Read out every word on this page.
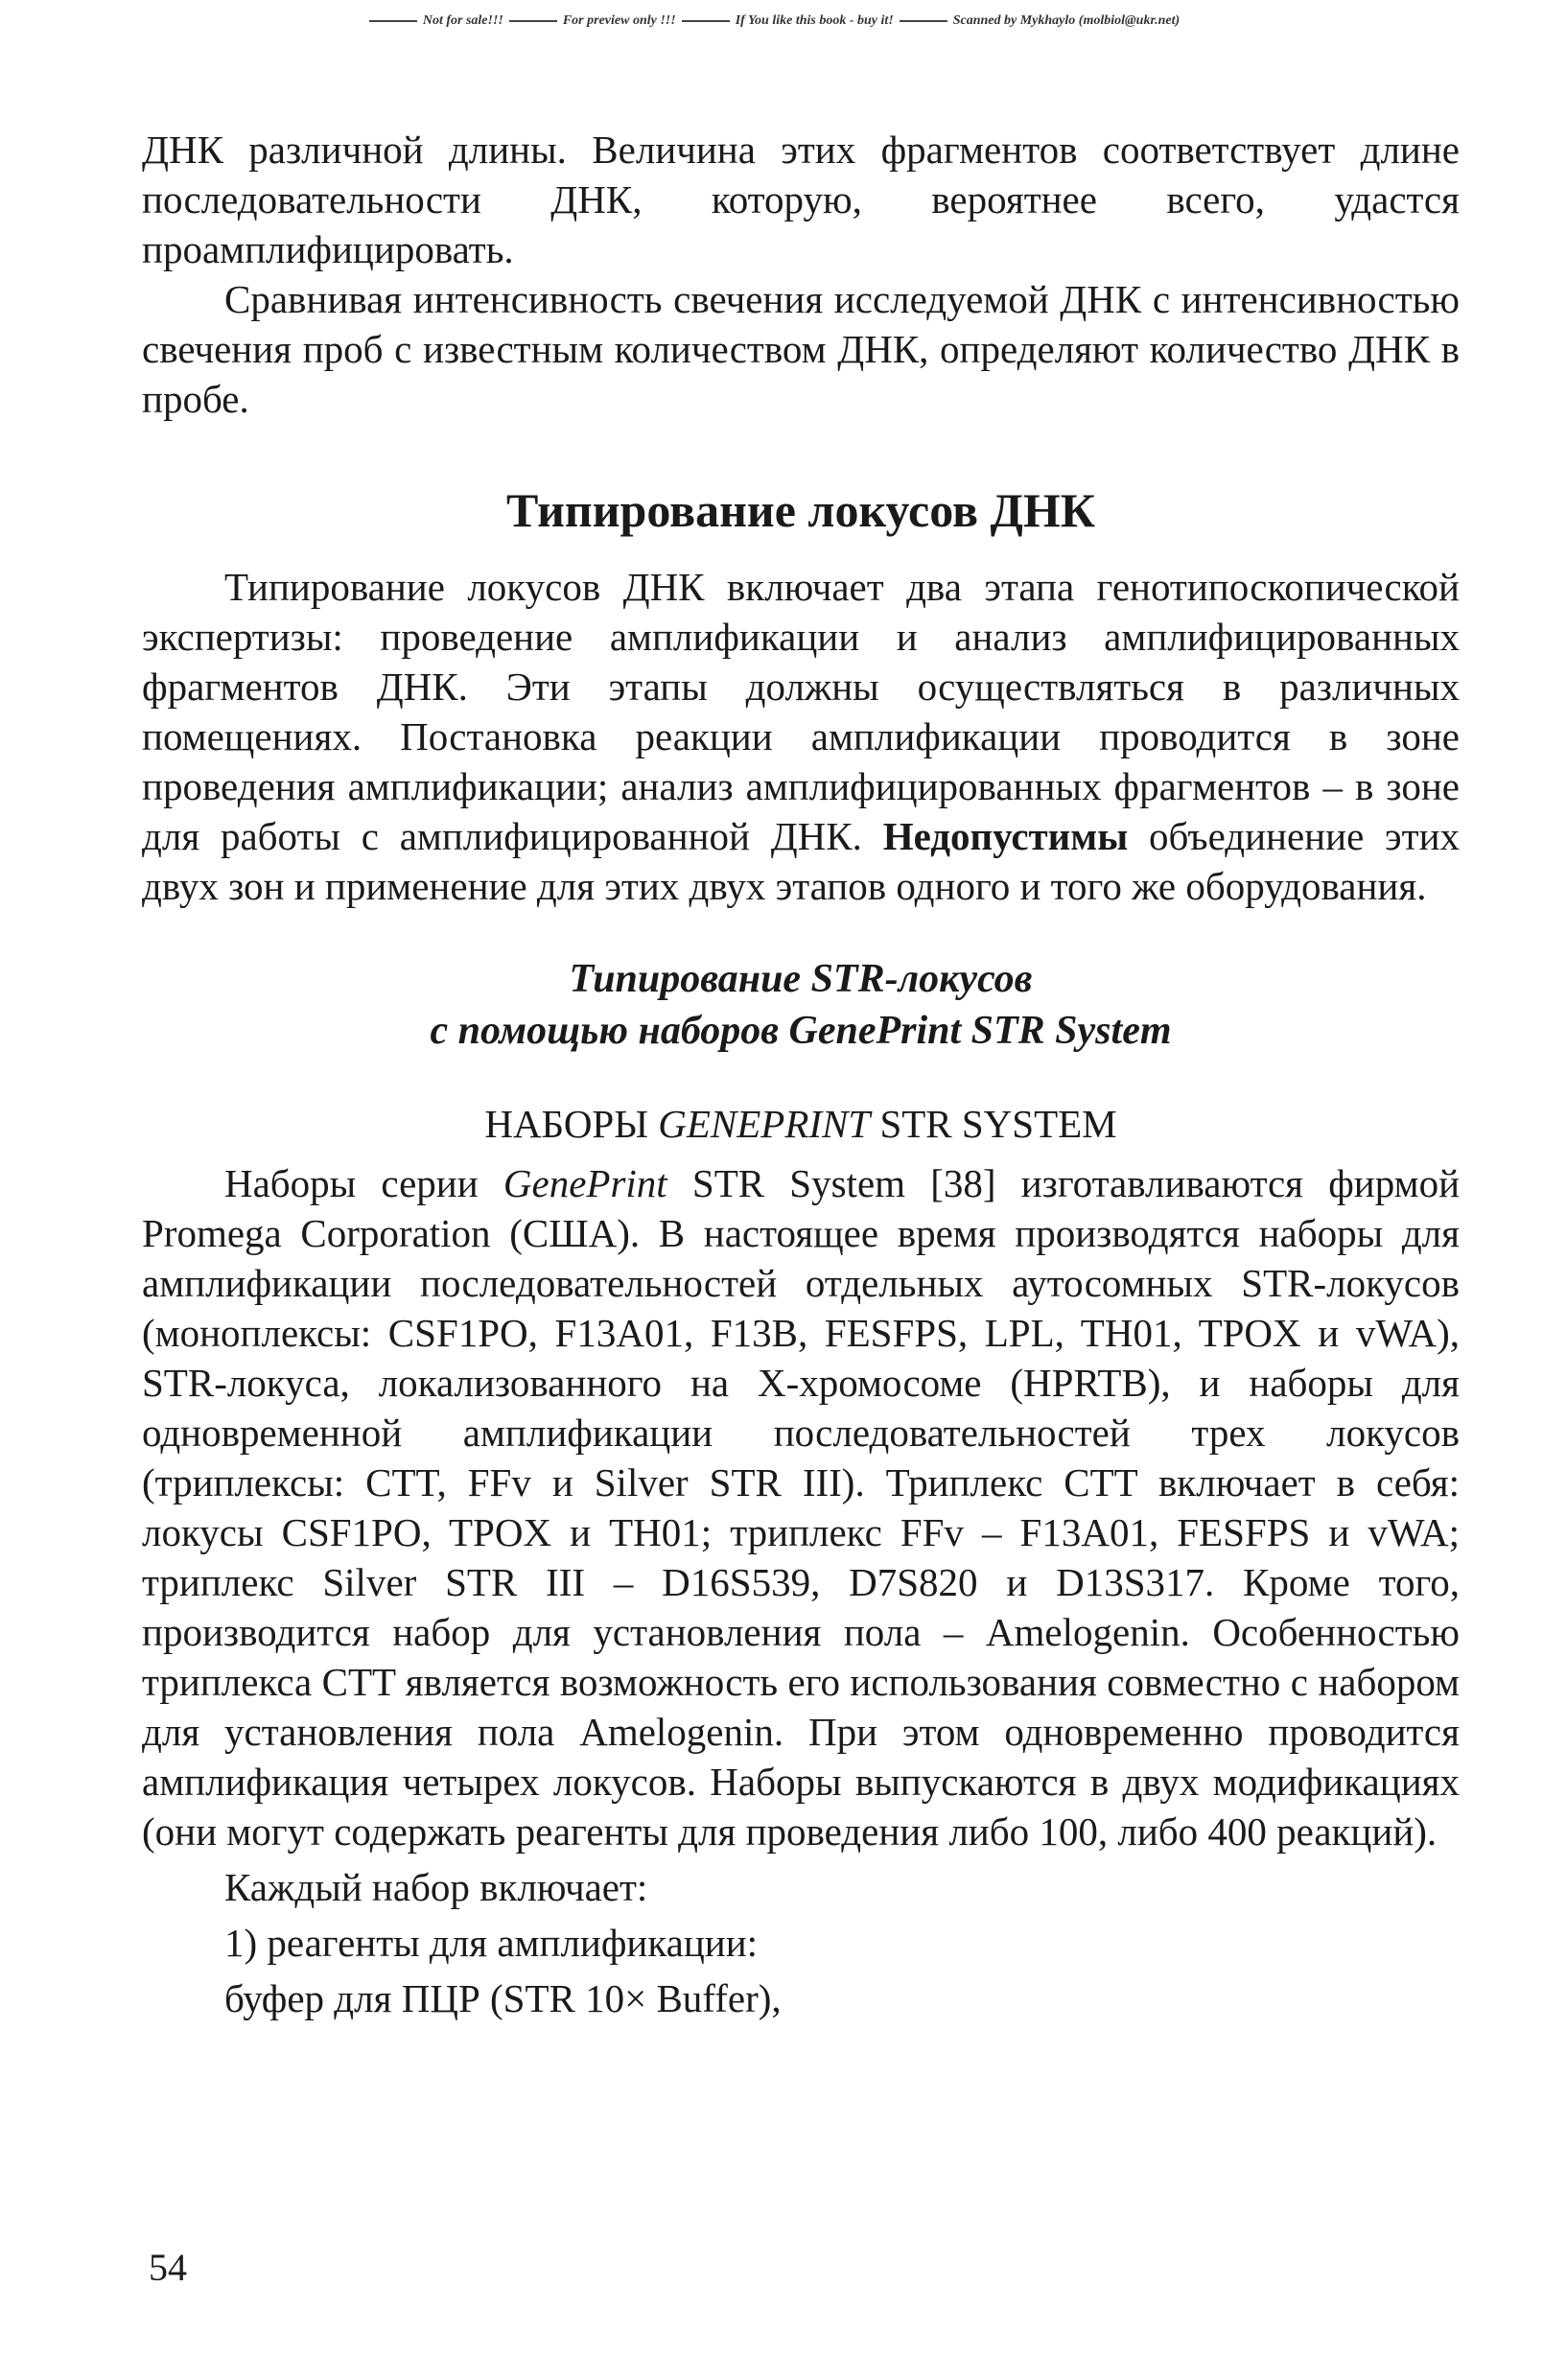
Not for sale!!!	For preview only !!!	If You like this book - buy it!	Scanned by Mykhaylo (molbiol@ukr.net)

ДНК различной длины. Величина этих фрагментов соответствует длине последовательности ДНК, которую, вероятнее всего, удастся проамплифицировать.

Сравнивая интенсивность свечения исследуемой ДНК с интенсивностью свечения проб с известным количеством ДНК, определяют количество ДНК в пробе.

Типирование локусов ДНК

Типирование локусов ДНК включает два этапа генотипоскопической экспертизы: проведение амплификации и анализ амплифицированных фрагментов ДНК. Эти этапы должны осуществляться в различных помещениях. Постановка реакции амплификации проводится в зоне проведения амплификации; анализ амплифицированных фрагментов – в зоне для работы с амплифицированной ДНК. Недопустимы объединение этих двух зон и применение для этих двух этапов одного и того же оборудования.

Типирование STR-локусов
с помощью наборов GenePrint STR System
НАБОРЫ GENEPRINT STR SYSTEM

Наборы серии GenePrint STR System [38] изготавливаются фирмой Promega Corporation (США). В настоящее время производятся наборы для амплификации последовательностей отдельных аутосомных STR-локусов (моноплексы: CSF1PO, F13A01, F13B, FESFPS, LPL, TH01, TPOX и vWA), STR-локуса, локализованного на X-хромосоме (HPRTB), и наборы для одновременной амплификации последовательностей трех локусов (триплексы: CTT, FFv и Silver STR III). Триплекс CTT включает в себя: локусы CSF1PO, TPOX и TH01; триплекс FFv – F13A01, FESFPS и vWA; триплекс Silver STR III – D16S539, D7S820 и D13S317. Кроме того, производится набор для установления пола – Amelogenin. Особенностью триплекса CTT является возможность его использования совместно с набором для установления пола Amelogenin. При этом одновременно проводится амплификация четырех локусов. Наборы выпускаются в двух модификациях (они могут содержать реагенты для проведения либо 100, либо 400 реакций).

Каждый набор включает:
1) реагенты для амплификации:
буфер для ПЦР (STR 10× Buffer),
54
